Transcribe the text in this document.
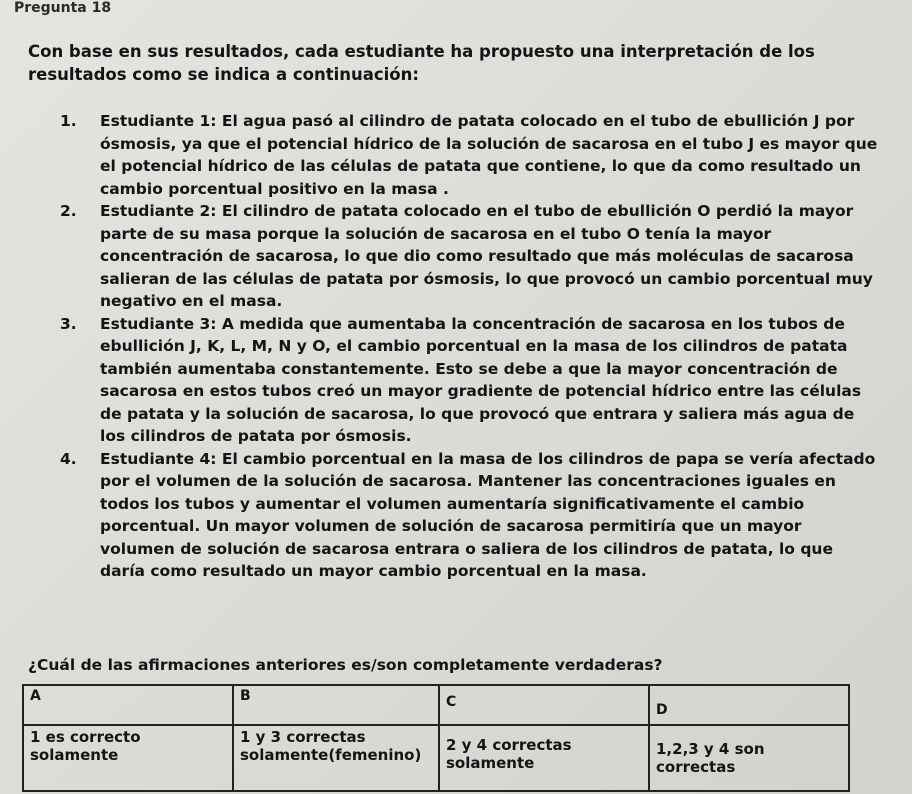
Pregunta 18

Con base en sus resultados, cada estudiante ha propuesto una interpretación de los resultados como se indica a continuación:

1. Estudiante 1: El agua pasó al cilindro de patata colocado en el tubo de ebullición J por ósmosis, ya que el potencial hídrico de la solución de sacarosa en el tubo J es mayor que el potencial hídrico de las células de patata que contiene, lo que da como resultado un cambio porcentual positivo en la masa .
2. Estudiante 2: El cilindro de patata colocado en el tubo de ebullición O perdió la mayor parte de su masa porque la solución de sacarosa en el tubo O tenía la mayor concentración de sacarosa, lo que dio como resultado que más moléculas de sacarosa salieran de las células de patata por ósmosis, lo que provocó un cambio porcentual muy negativo en el masa.
3. Estudiante 3: A medida que aumentaba la concentración de sacarosa en los tubos de ebullición J, K, L, M, N y O, el cambio porcentual en la masa de los cilindros de patata también aumentaba constantemente. Esto se debe a que la mayor concentración de sacarosa en estos tubos creó un mayor gradiente de potencial hídrico entre las células de patata y la solución de sacarosa, lo que provocó que entrara y saliera más agua de los cilindros de patata por ósmosis.
4. Estudiante 4: El cambio porcentual en la masa de los cilindros de papa se vería afectado por el volumen de la solución de sacarosa. Mantener las concentraciones iguales en todos los tubos y aumentar el volumen aumentaría significativamente el cambio porcentual. Un mayor volumen de solución de sacarosa permitiría que un mayor volumen de solución de sacarosa entrara o saliera de los cilindros de patata, lo que daría como resultado un mayor cambio porcentual en la masa.

¿Cuál de las afirmaciones anteriores es/son completamente verdaderas?

A	B	C	D
1 es correcto solamente	1 y 3 correctas solamente(femenino)	2 y 4 correctas solamente	1,2,3 y 4 son correctas
